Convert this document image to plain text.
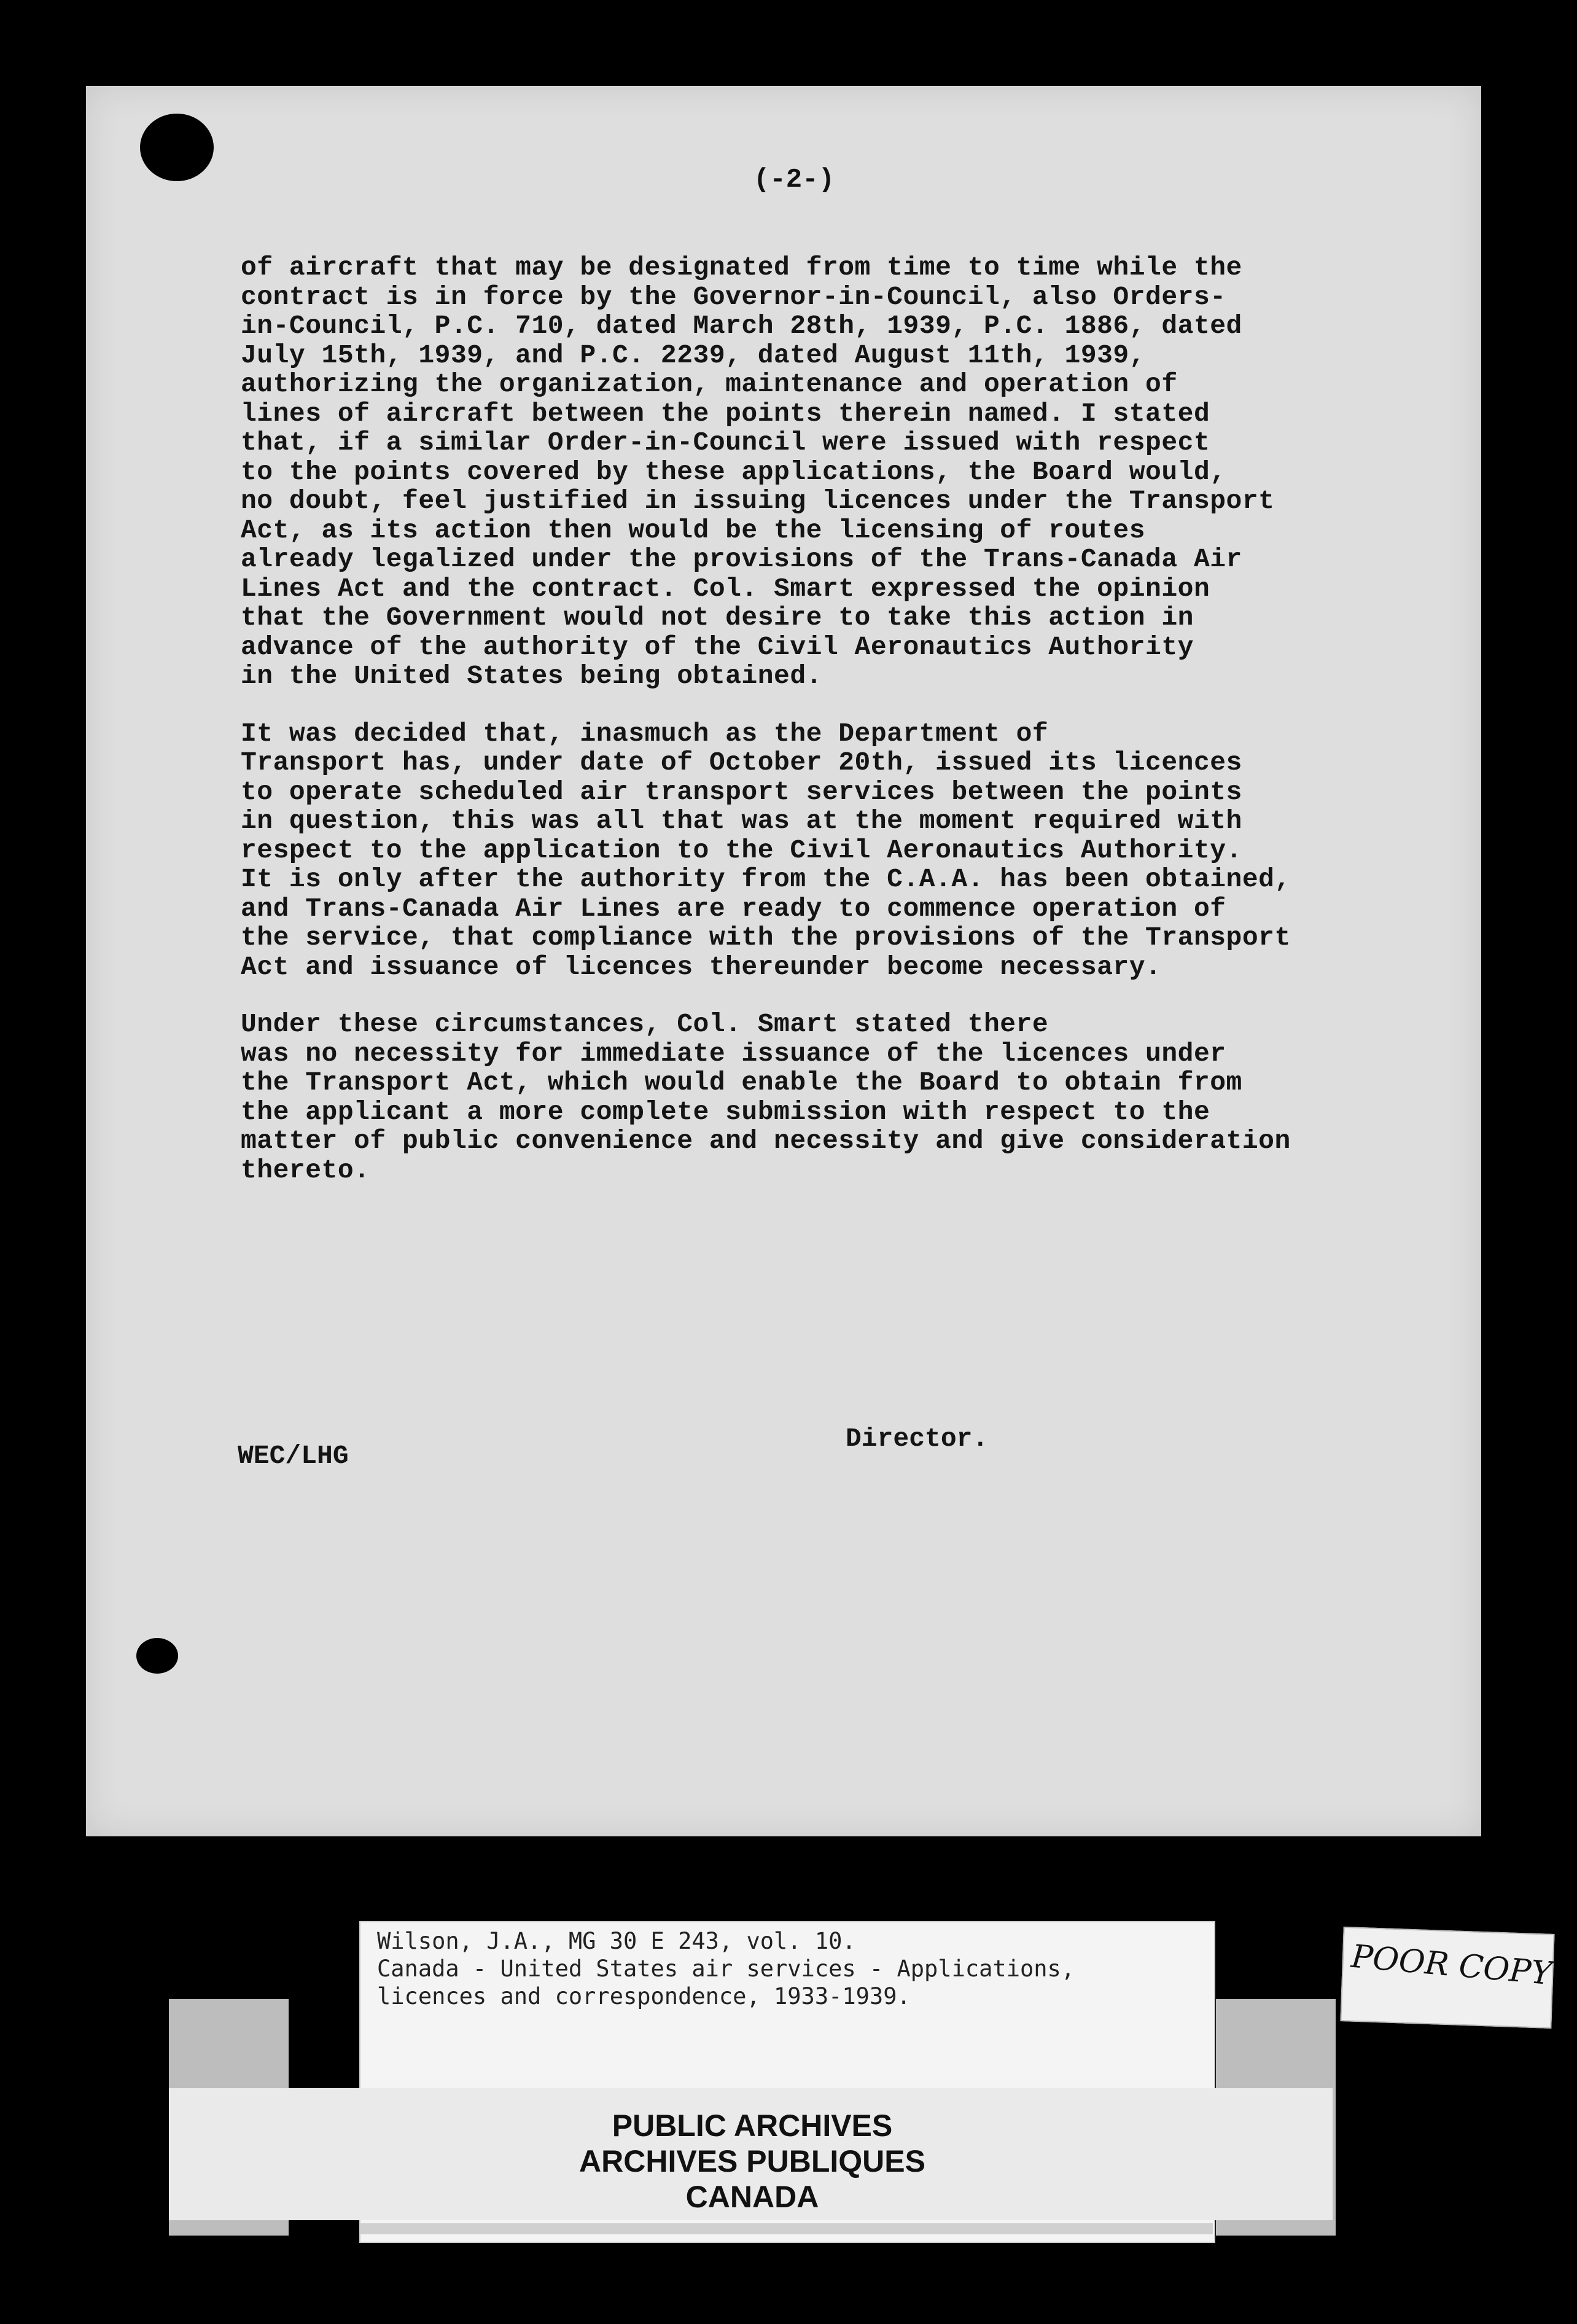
(-2-)

of aircraft that may be designated from time to time while the
contract is in force by the Governor-in-Council, also Orders-
in-Council, P.C. 710, dated March 28th, 1939, P.C. 1886, dated
July 15th, 1939, and P.C. 2239, dated August 11th, 1939,
authorizing the organization, maintenance and operation of
lines of aircraft between the points therein named. I stated
that, if a similar Order-in-Council were issued with respect
to the points covered by these applications, the Board would,
no doubt, feel justified in issuing licences under the Transport
Act, as its action then would be the licensing of routes
already legalized under the provisions of the Trans-Canada Air
Lines Act and the contract. Col. Smart expressed the opinion
that the Government would not desire to take this action in
advance of the authority of the Civil Aeronautics Authority
in the United States being obtained.

It was decided that, inasmuch as the Department of
Transport has, under date of October 20th, issued its licences
to operate scheduled air transport services between the points
in question, this was all that was at the moment required with
respect to the application to the Civil Aeronautics Authority.
It is only after the authority from the C.A.A. has been obtained,
and Trans-Canada Air Lines are ready to commence operation of
the service, that compliance with the provisions of the Transport
Act and issuance of licences thereunder become necessary.

Under these circumstances, Col. Smart stated there
was no necessity for immediate issuance of the licences under
the Transport Act, which would enable the Board to obtain from
the applicant a more complete submission with respect to the
matter of public convenience and necessity and give consideration
thereto.

Director.
WEC/LHG
Wilson, J.A., MG 30 E 243, vol. 10.
Canada - United States air services - Applications,
licences and correspondence, 1933-1939.
PUBLIC ARCHIVES
ARCHIVES PUBLIQUES
CANADA
POOR COPY
